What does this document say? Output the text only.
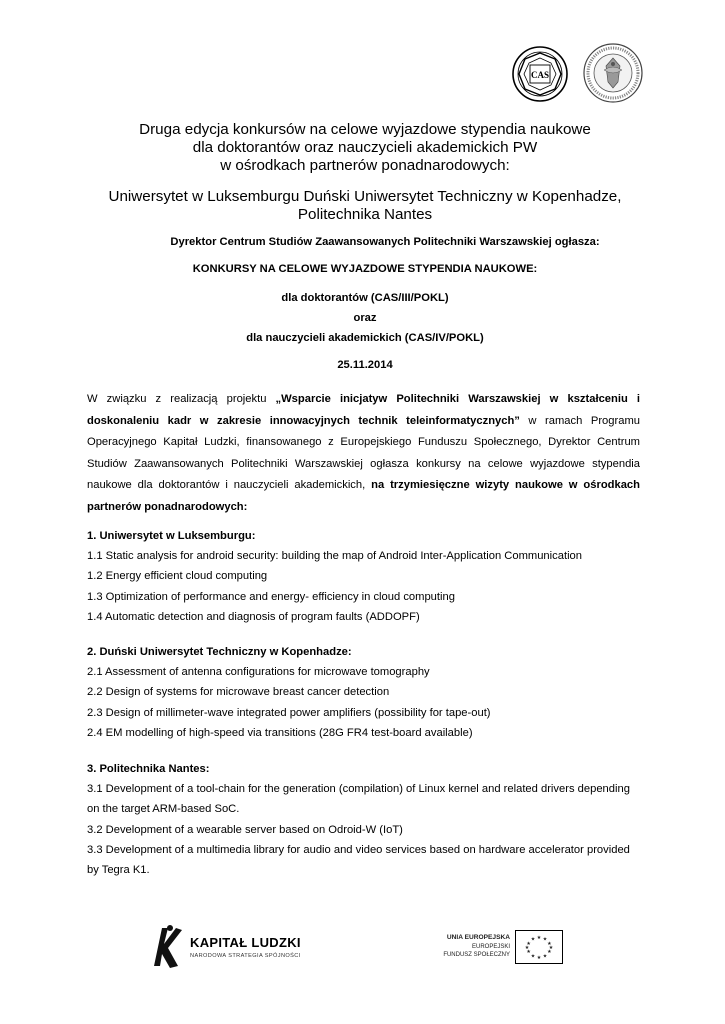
CAS
Druga edycja konkursów na celowe wyjazdowe stypendia naukowe
dla doktorantów oraz nauczycieli akademickich PW
w ośrodkach partnerów ponadnarodowych:
Uniwersytet w Luksemburgu Duński Uniwersytet Techniczny w Kopenhadze,
Politechnika Nantes
Dyrektor Centrum Studiów Zaawansowanych Politechniki Warszawskiej ogłasza:
KONKURSY NA CELOWE WYJAZDOWE STYPENDIA NAUKOWE:
dla doktorantów (CAS/III/POKL)
oraz
dla nauczycieli akademickich (CAS/IV/POKL)
25.11.2014
W związku z realizacją projektu „Wsparcie inicjatyw Politechniki Warszawskiej w kształceniu i doskonaleniu kadr w zakresie innowacyjnych technik teleinformatycznych” w ramach Programu Operacyjnego Kapitał Ludzki, finansowanego z Europejskiego Funduszu Społecznego, Dyrektor Centrum Studiów Zaawansowanych Politechniki Warszawskiej ogłasza konkursy na celowe wyjazdowe stypendia naukowe dla doktorantów i nauczycieli akademickich, na trzymiesięczne wizyty naukowe w ośrodkach partnerów ponadnarodowych:
1. Uniwersytet w Luksemburgu:
1.1 Static analysis for android security: building the map of Android Inter-Application Communication
1.2 Energy efficient cloud computing
1.3 Optimization of performance and energy- efficiency in cloud computing
1.4 Automatic detection and diagnosis of program faults (ADDOPF)
2. Duński Uniwersytet Techniczny w Kopenhadze:
2.1 Assessment of antenna configurations for microwave tomography
2.2 Design of systems for microwave breast cancer detection
2.3 Design of millimeter-wave integrated power amplifiers (possibility for tape-out)
2.4 EM modelling of high-speed via transitions (28G FR4 test-board available)
3. Politechnika Nantes:
3.1 Development of a tool-chain for the generation (compilation) of Linux kernel and related drivers depending on the target ARM-based SoC.
3.2 Development of a wearable server based on Odroid-W (IoT)
3.3 Development of a multimedia library for audio and video services based on hardware accelerator provided by Tegra K1.
KAPITAŁ LUDZKI
NARODOWA STRATEGIA SPÓJNOŚCI
UNIA EUROPEJSKA
EUROPEJSKI
FUNDUSZ SPOŁECZNY
★ ★
★
★
★
★
★
★
★
★
★
★
